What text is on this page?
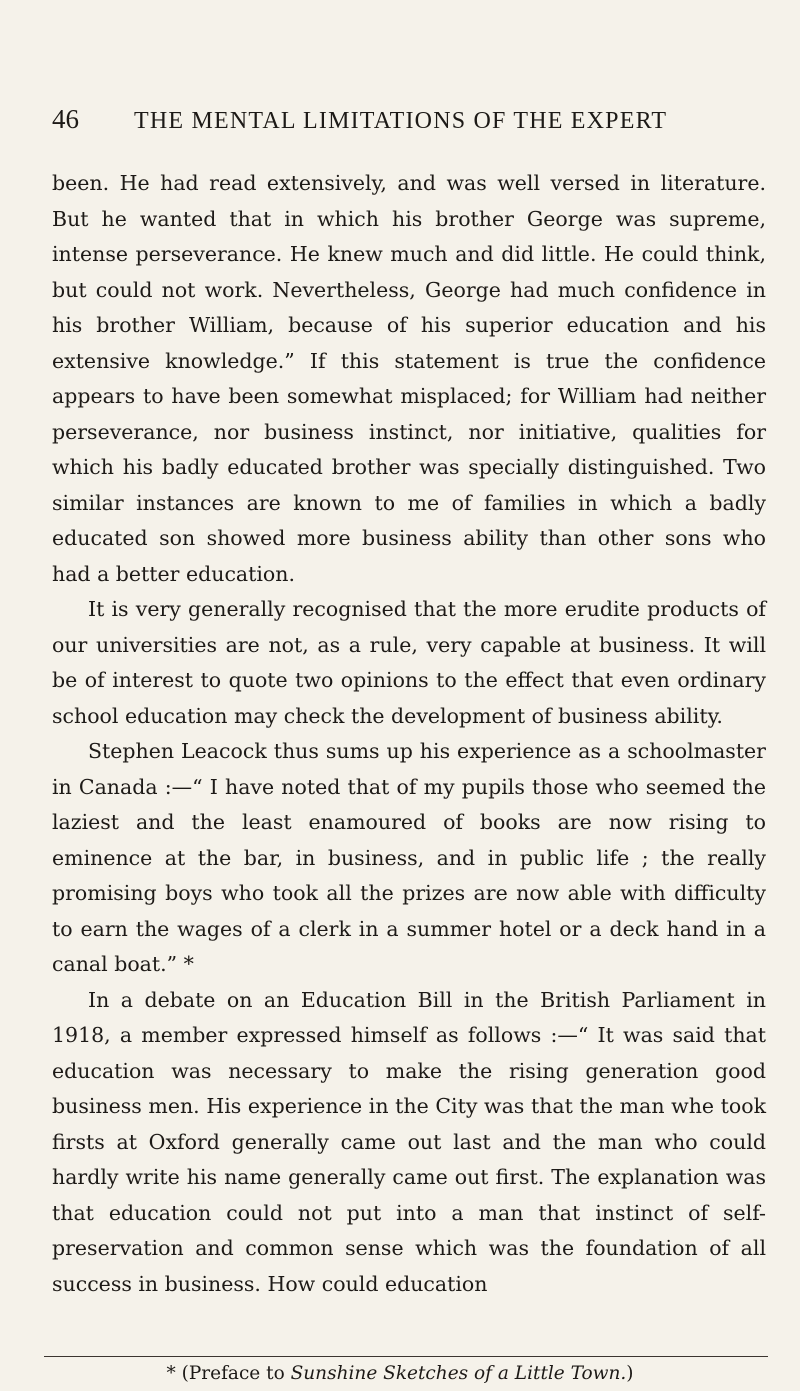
46	THE MENTAL LIMITATIONS OF THE EXPERT

been. He had read extensively, and was well versed in literature. But he wanted that in which his brother George was supreme, intense perseverance. He knew much and did little. He could think, but could not work. Nevertheless, George had much confidence in his brother William, because of his superior education and his extensive knowledge.” If this statement is true the confidence appears to have been somewhat misplaced; for William had neither perseverance, nor business instinct, nor initiative, qualities for which his badly educated brother was specially distinguished. Two similar instances are known to me of families in which a badly educated son showed more business ability than other sons who had a better education.

It is very generally recognised that the more erudite products of our universities are not, as a rule, very capable at business. It will be of interest to quote two opinions to the effect that even ordinary school education may check the development of business ability.

Stephen Leacock thus sums up his experience as a schoolmaster in Canada :—“ I have noted that of my pupils those who seemed the laziest and the least enamoured of books are now rising to eminence at the bar, in business, and in public life ; the really promising boys who took all the prizes are now able with difficulty to earn the wages of a clerk in a summer hotel or a deck hand in a canal boat.” *

In a debate on an Education Bill in the British Parliament in 1918, a member expressed himself as follows :—“ It was said that education was necessary to make the rising generation good business men. His experience in the City was that the man whe took firsts at Oxford generally came out last and the man who could hardly write his name generally came out first. The explanation was that education could not put into a man that instinct of self-preservation and common sense which was the foundation of all success in business. How could education

* (Preface to Sunshine Sketches of a Little Town.)
